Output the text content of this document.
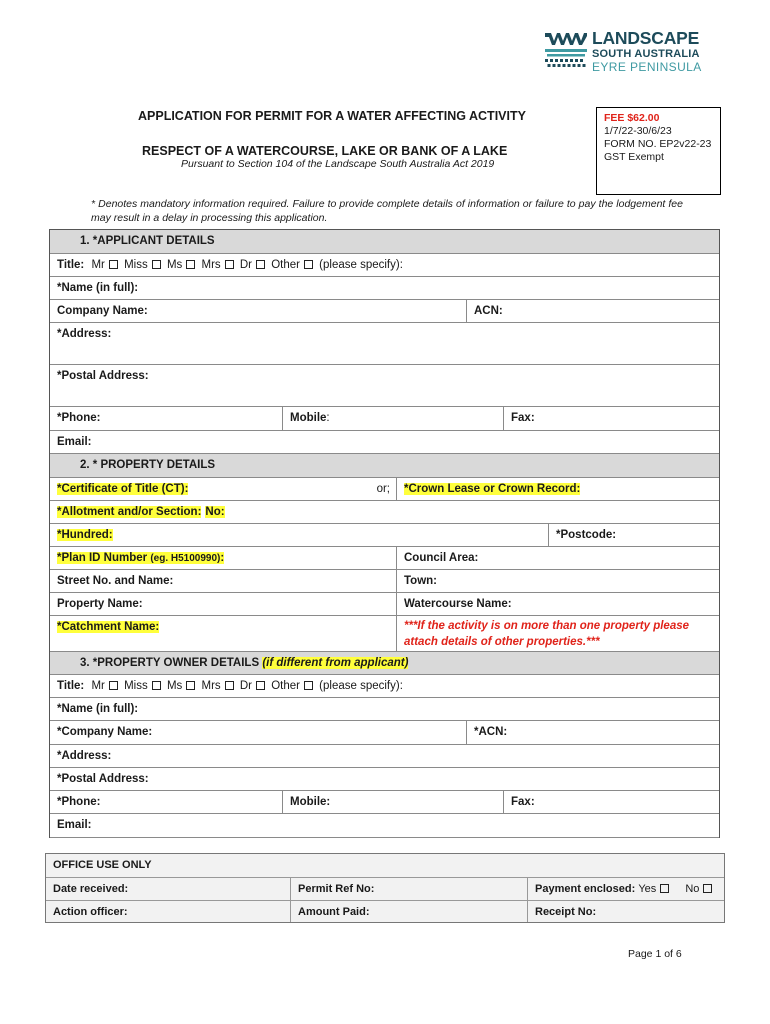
LANDSCAPE
SOUTH AUSTRALIA
EYRE PENINSULA
APPLICATION FOR PERMIT FOR A WATER AFFECTING ACTIVITY
RESPECT OF A WATERCOURSE, LAKE OR BANK OF A LAKE
Pursuant to Section 104 of the Landscape South Australia Act 2019
FEE $62.00
1/7/22-30/6/23
FORM NO. EP2v22-23
GST Exempt
* Denotes mandatory information required. Failure to provide complete details of information or failure to pay the lodgement fee may result in a delay in processing this application.
1. *APPLICANT DETAILS
Title: Mr Miss Ms Mrs Dr Other (please specify):
*Name (in full):
Company Name:	ACN:
*Address:
*Postal Address:
*Phone:	Mobile:	Fax:
Email:
2. * PROPERTY DETAILS
*Certificate of Title (CT):	or;	*Crown Lease or Crown Record:
*Allotment and/or Section: No:
*Hundred:	*Postcode:
*Plan ID Number (eg. H5100990):	Council Area:
Street No. and Name:	Town:
Property Name:	Watercourse Name:
*Catchment Name:	***If the activity is on more than one property please attach details of other properties.***
3. *PROPERTY OWNER DETAILS (if different from applicant)
Title: Mr Miss Ms Mrs Dr Other (please specify):
*Name (in full):
*Company Name:	*ACN:
*Address:
*Postal Address:
*Phone:	Mobile:	Fax:
Email:
OFFICE USE ONLY
Date received:	Permit Ref No:	Payment enclosed: Yes	No
Action officer:	Amount Paid:	Receipt No:
Page 1 of 6
